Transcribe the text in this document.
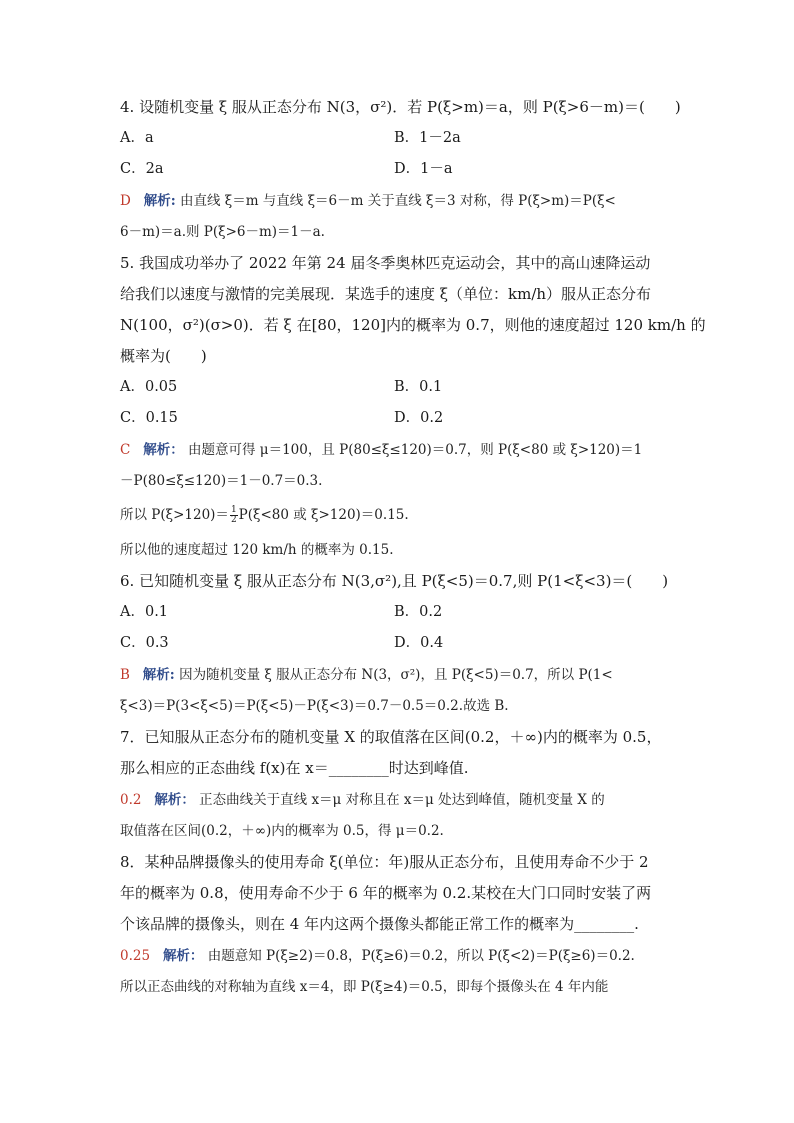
4. 设随机变量 ξ 服从正态分布 N(3，σ²)．若 P(ξ>m)＝a，则 P(ξ>6－m)＝(　　)
A．a	B．1－2a
C．2a	D．1－a
D 解析: 由直线 ξ＝m 与直线 ξ＝6－m 关于直线 ξ＝3 对称，得 P(ξ>m)＝P(ξ<
6－m)＝a.则 P(ξ>6－m)＝1－a.
5. 我国成功举办了 2022 年第 24 届冬季奥林匹克运动会，其中的高山速降运动
给我们以速度与激情的完美展现．某选手的速度 ξ（单位：km/h）服从正态分布
N(100，σ²)(σ>0)．若 ξ 在[80，120]内的概率为 0.7，则他的速度超过 120 km/h 的
概率为(　　)
A．0.05	B．0.1
C．0.15	D．0.2
C 解析： 由题意可得 μ＝100，且 P(80≤ξ≤120)＝0.7，则 P(ξ<80 或 ξ>120)＝1
－P(80≤ξ≤120)＝1－0.7＝0.3.
所以 $P(\xi>120)= \frac{1}{2} P(\xi<80$ 或 ξ>120)＝0.15.
所以他的速度超过 120 km/h 的概率为 0.15.
6. 已知随机变量 ξ 服从正态分布 N(3,σ²),且 P(ξ<5)＝0.7,则 P(1<ξ<3)＝(　　)
A．0.1	B．0.2
C．0.3	D．0.4
B 解析: 因为随机变量 ξ 服从正态分布 N(3，σ²)，且 P(ξ<5)＝0.7，所以 P(1<
ξ<3)＝P(3<ξ<5)＝P(ξ<5)－P(ξ<3)＝0.7－0.5＝0.2.故选 B.
7．已知服从正态分布的随机变量 X 的取值落在区间(0.2，＋∞)内的概率为 0.5，
那么相应的正态曲线 f(x)在 x＝________时达到峰值.
0.2 解析： 正态曲线关于直线 x＝μ 对称且在 x＝μ 处达到峰值，随机变量 X 的
取值落在区间(0.2，＋∞)内的概率为 0.5，得 μ＝0.2.
8．某种品牌摄像头的使用寿命 ξ(单位：年)服从正态分布，且使用寿命不少于 2
年的概率为 0.8，使用寿命不少于 6 年的概率为 0.2.某校在大门口同时安装了两
个该品牌的摄像头，则在 4 年内这两个摄像头都能正常工作的概率为________.
0.25 解析： 由题意知 P(ξ≥2)＝0.8，P(ξ≥6)＝0.2，所以 P(ξ<2)＝P(ξ≥6)＝0.2.
所以正态曲线的对称轴为直线 x＝4，即 P(ξ≥4)＝0.5，即每个摄像头在 4 年内能
